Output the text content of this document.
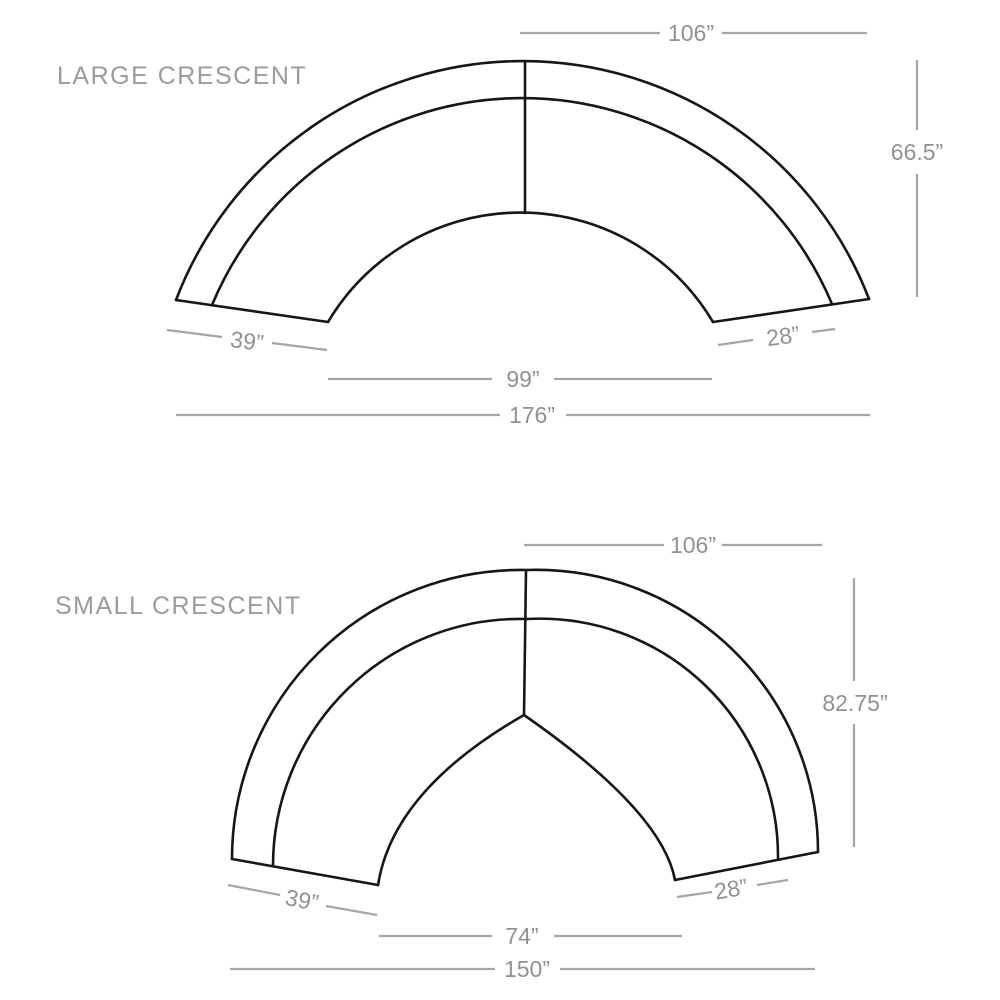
LARGE CRESCENT
106”
66.5”
39”	28”
99”
176”
SMALL CRESCENT
106”
82.75”
39”	28”
74”
150”
